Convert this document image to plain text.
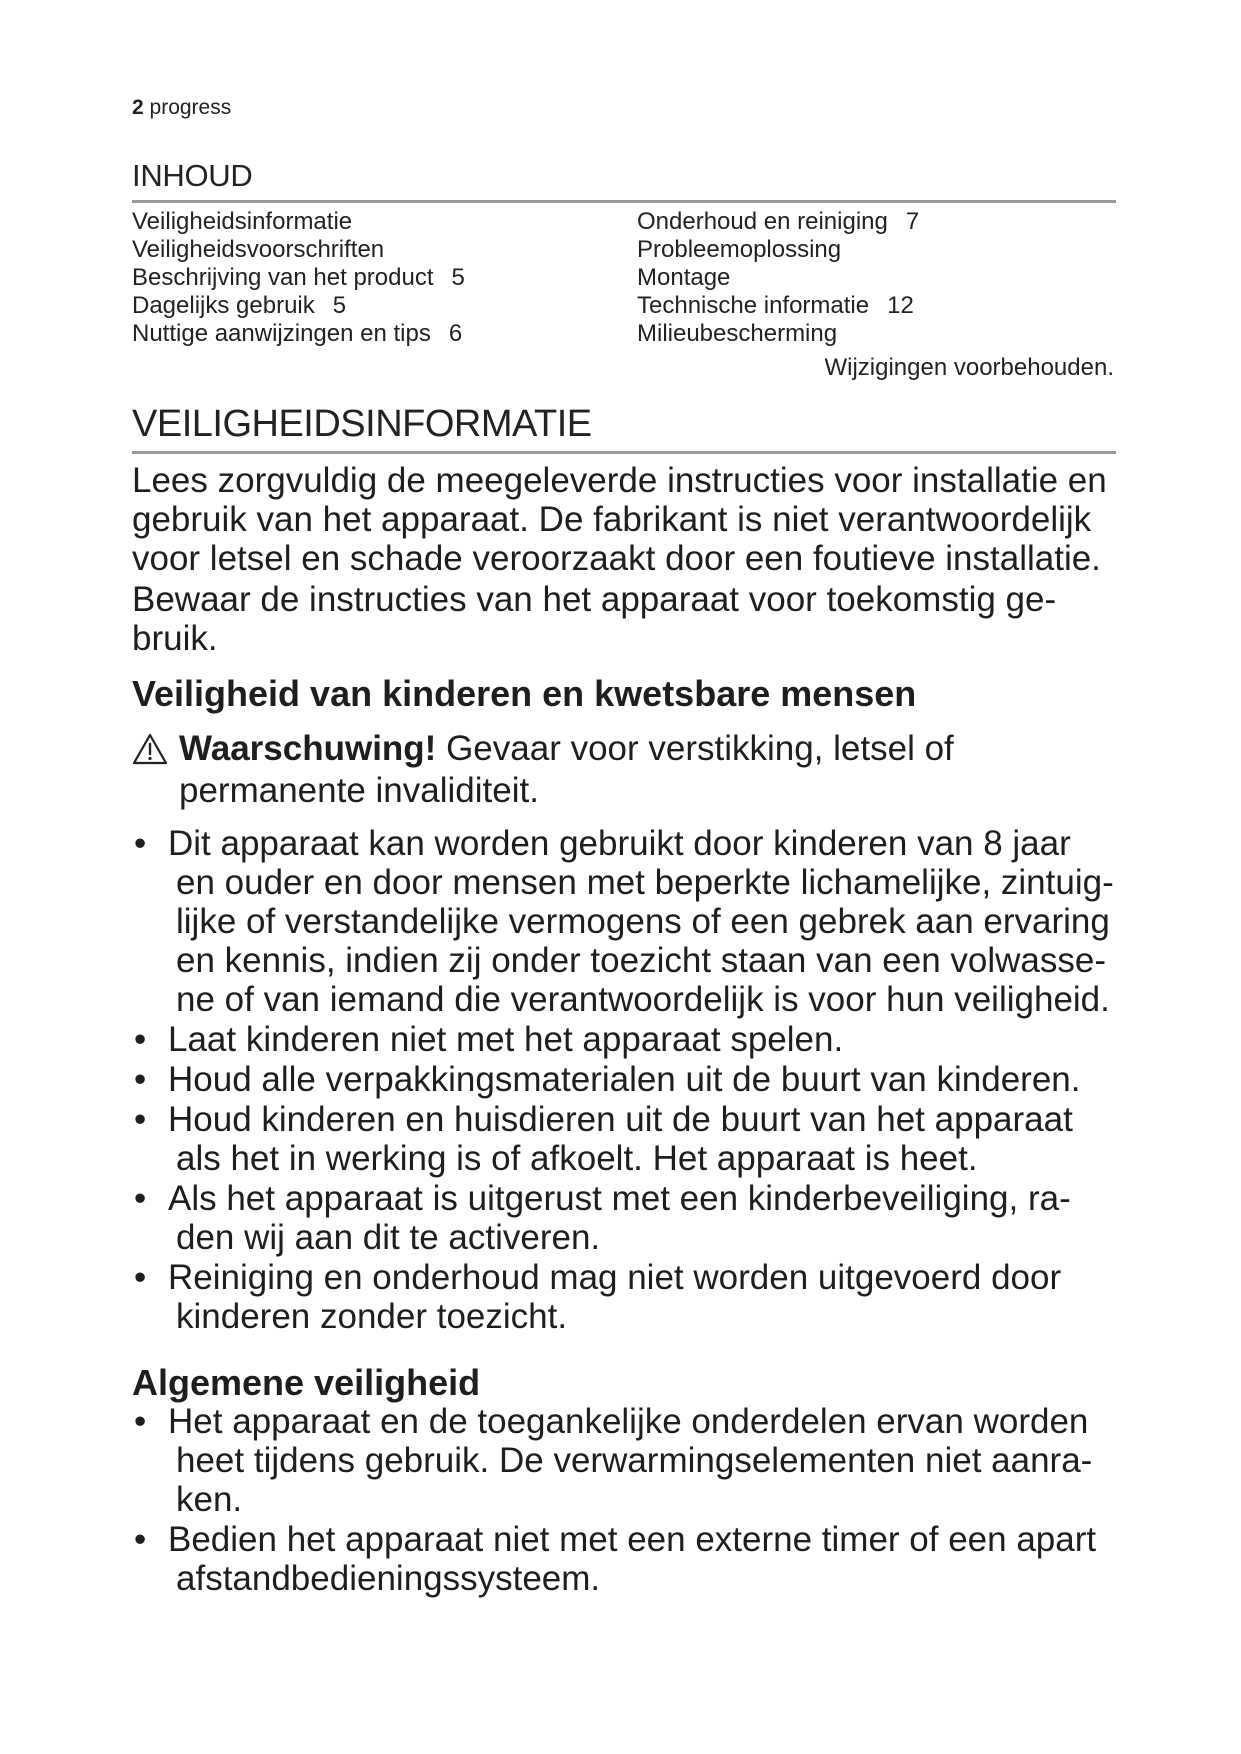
2 progress
INHOUD
Veiligheidsinformatie
Veiligheidsvoorschriften
Beschrijving van het product 5
Dagelijks gebruik 5
Nuttige aanwijzingen en tips 6
Onderhoud en reiniging 7
Probleemoplossing
Montage
Technische informatie 12
Milieubescherming
Wijzigingen voorbehouden.
VEILIGHEIDSINFORMATIE

Lees zorgvuldig de meegeleverde instructies voor installatie en gebruik van het apparaat. De fabrikant is niet verantwoordelijk voor letsel en schade veroorzaakt door een foutieve installatie.

Bewaar de instructies van het apparaat voor toekomstig ge-bruik.

Veiligheid van kinderen en kwetsbare mensen
Waarschuwing! Gevaar voor verstikking, letsel of permanente invaliditeit.
• Dit apparaat kan worden gebruikt door kinderen van 8 jaar
en ouder en door mensen met beperkte lichamelijke, zintuig-lijke of verstandelijke vermogens of een gebrek aan ervaring en kennis, indien zij onder toezicht staan van een volwasse-ne of van iemand die verantwoordelijk is voor hun veiligheid.
• Laat kinderen niet met het apparaat spelen.
• Houd alle verpakkingsmaterialen uit de buurt van kinderen.
• Houd kinderen en huisdieren uit de buurt van het apparaat
als het in werking is of afkoelt. Het apparaat is heet.
• Als het apparaat is uitgerust met een kinderbeveiliging, ra-
den wij aan dit te activeren.
• Reiniging en onderhoud mag niet worden uitgevoerd door
kinderen zonder toezicht.
Algemene veiligheid
• Het apparaat en de toegankelijke onderdelen ervan worden
heet tijdens gebruik. De verwarmingselementen niet aanra-ken.
• Bedien het apparaat niet met een externe timer of een apart
afstandbedieningssysteem.
